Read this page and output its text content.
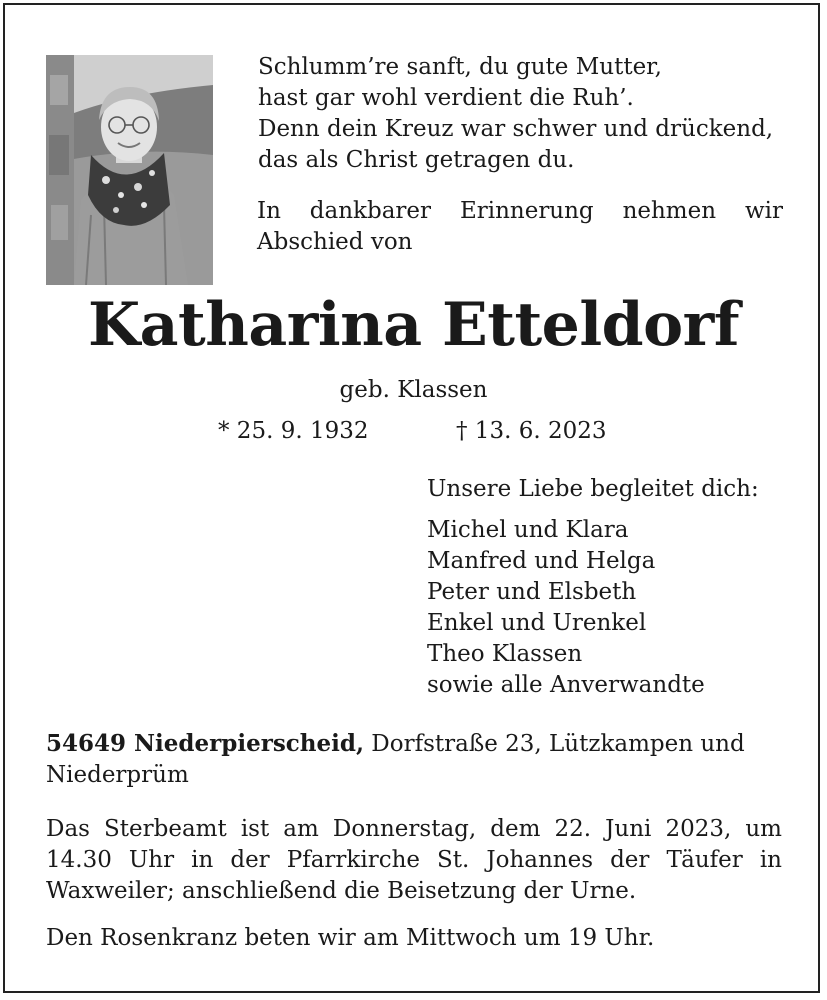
Schlumm’re sanft, du gute Mutter,
hast gar wohl verdient die Ruh’.
Denn dein Kreuz war schwer und drückend,
das als Christ getragen du.
In dankbarer Erinnerung nehmen wir Abschied von
Katharina Etteldorf
geb. Klassen
* 25. 9. 1932	† 13. 6. 2023
Unsere Liebe begleitet dich:
Michel und Klara
Manfred und Helga
Peter und Elsbeth
Enkel und Urenkel
Theo Klassen
sowie alle Anverwandte
54649 Niederpierscheid, Dorfstraße 23, Lützkampen und Niederprüm
Das Sterbeamt ist am Donnerstag, dem 22. Juni 2023, um 14.30 Uhr in der Pfarrkirche St. Johannes der Täufer in Waxweiler; anschließend die Beisetzung der Urne.
Den Rosenkranz beten wir am Mittwoch um 19 Uhr.
